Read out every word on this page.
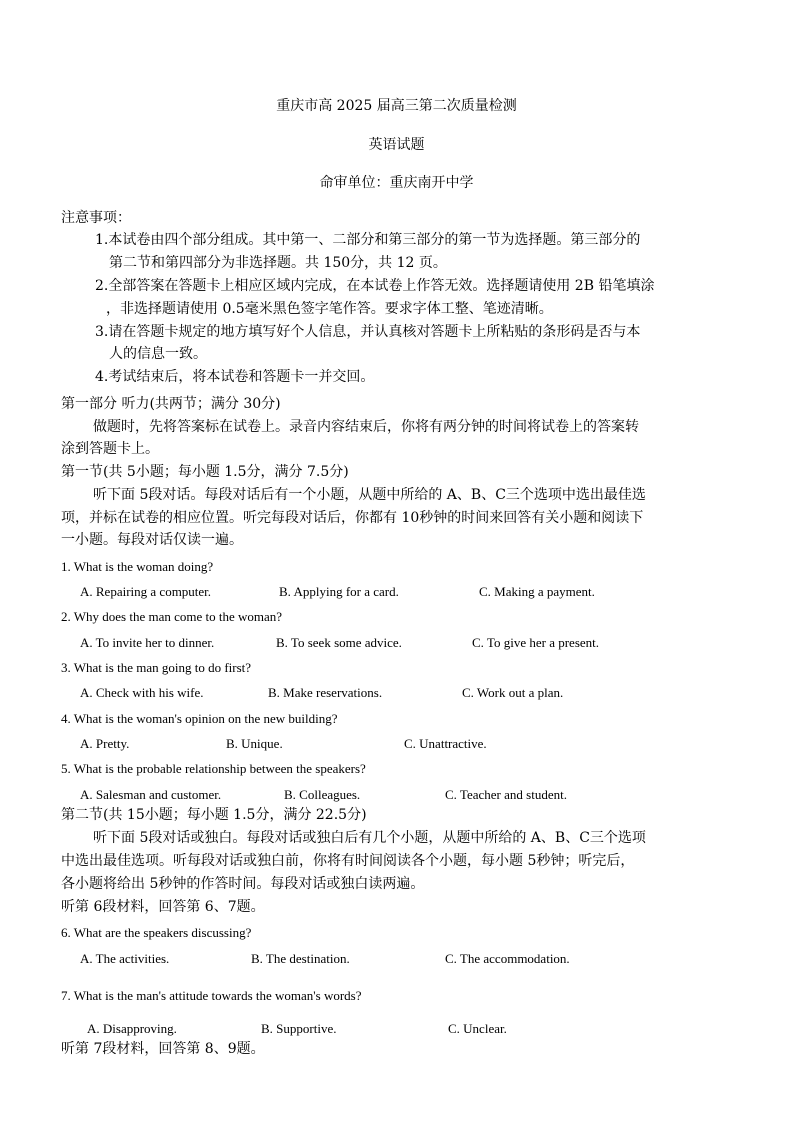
重庆市高 2025 届高三第二次质量检测
英语试题
命审单位：重庆南开中学
注意事项：
1.本试卷由四个部分组成。其中第一、二部分和第三部分的第一节为选择题。第三部分的
第二节和第四部分为非选择题。共 150分，共 12 页。
2.全部答案在答题卡上相应区域内完成，在本试卷上作答无效。选择题请使用 2B 铅笔填涂
，非选择题请使用 0.5毫米黑色签字笔作答。要求字体工整、笔迹清晰。
3.请在答题卡规定的地方填写好个人信息，并认真核对答题卡上所粘贴的条形码是否与本
人的信息一致。
4.考试结束后，将本试卷和答题卡一并交回。
第一部分 听力(共两节；满分 30分)
做题时，先将答案标在试卷上。录音内容结束后，你将有两分钟的时间将试卷上的答案转
涂到答题卡上。
第一节(共 5小题；每小题 1.5分，满分 7.5分)
听下面 5段对话。每段对话后有一个小题，从题中所给的 A、B、C三个选项中选出最佳选
项，并标在试卷的相应位置。听完每段对话后，你都有 10秒钟的时间来回答有关小题和阅读下
一小题。每段对话仅读一遍。
1. What is the woman doing?
A. Repairing a computer.	B. Applying for a card.	C. Making a payment.
2. Why does the man come to the woman?
A. To invite her to dinner.	B. To seek some advice.	C. To give her a present.
3. What is the man going to do first?
A. Check with his wife.	B. Make reservations.	C. Work out a plan.
4. What is the woman's opinion on the new building?
A. Pretty.	B. Unique.	C. Unattractive.
5. What is the probable relationship between the speakers?
A. Salesman and customer.	B. Colleagues.	C. Teacher and student.
第二节(共 15小题；每小题 1.5分，满分 22.5分)
听下面 5段对话或独白。每段对话或独白后有几个小题，从题中所给的 A、B、C三个选项
中选出最佳选项。听每段对话或独白前，你将有时间阅读各个小题，每小题 5秒钟；听完后，
各小题将给出 5秒钟的作答时间。每段对话或独白读两遍。
听第 6段材料，回答第 6、7题。
6. What are the speakers discussing?
A. The activities.	B. The destination.	C. The accommodation.
7. What is the man's attitude towards the woman's words?
A. Disapproving.	B. Supportive.	C. Unclear.
听第 7段材料，回答第 8、9题。
